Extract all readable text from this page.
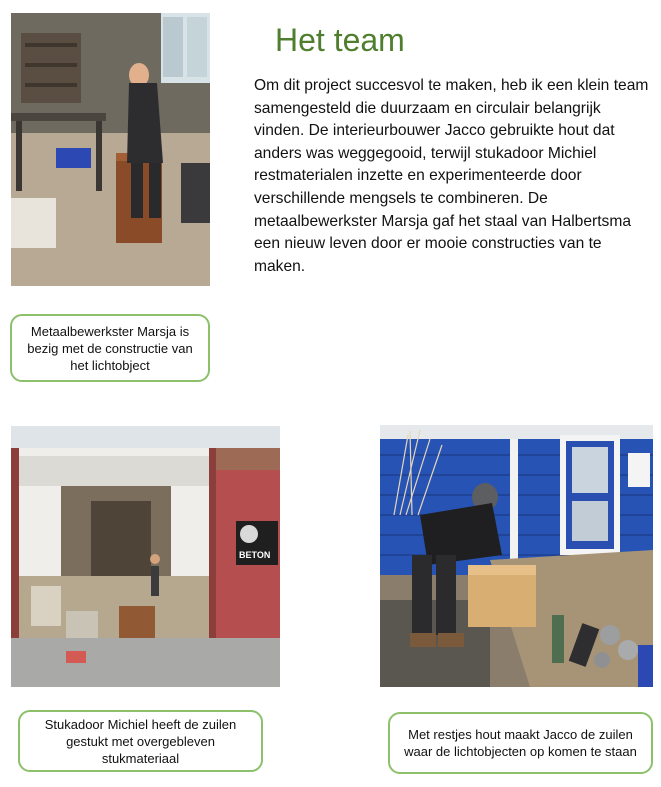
Het team

Om dit project succesvol te maken, heb ik een klein team samengesteld die duurzaam en circulair belangrijk vinden. De interieurbouwer Jacco gebruikte hout dat anders was weggegooid, terwijl stukadoor Michiel restmaterialen inzette en experimenteerde door verschillende mengsels te combineren. De metaalbewerkster Marsja gaf het staal van Halbertsma een nieuw leven door er mooie constructies van te maken.

Metaalbewerkster Marsja is bezig met de constructie van het lichtobject
BETON
Stukadoor Michiel heeft de zuilen gestukt met overgebleven stukmateriaal
Met restjes hout maakt Jacco de zuilen waar de lichtobjecten op komen te staan
